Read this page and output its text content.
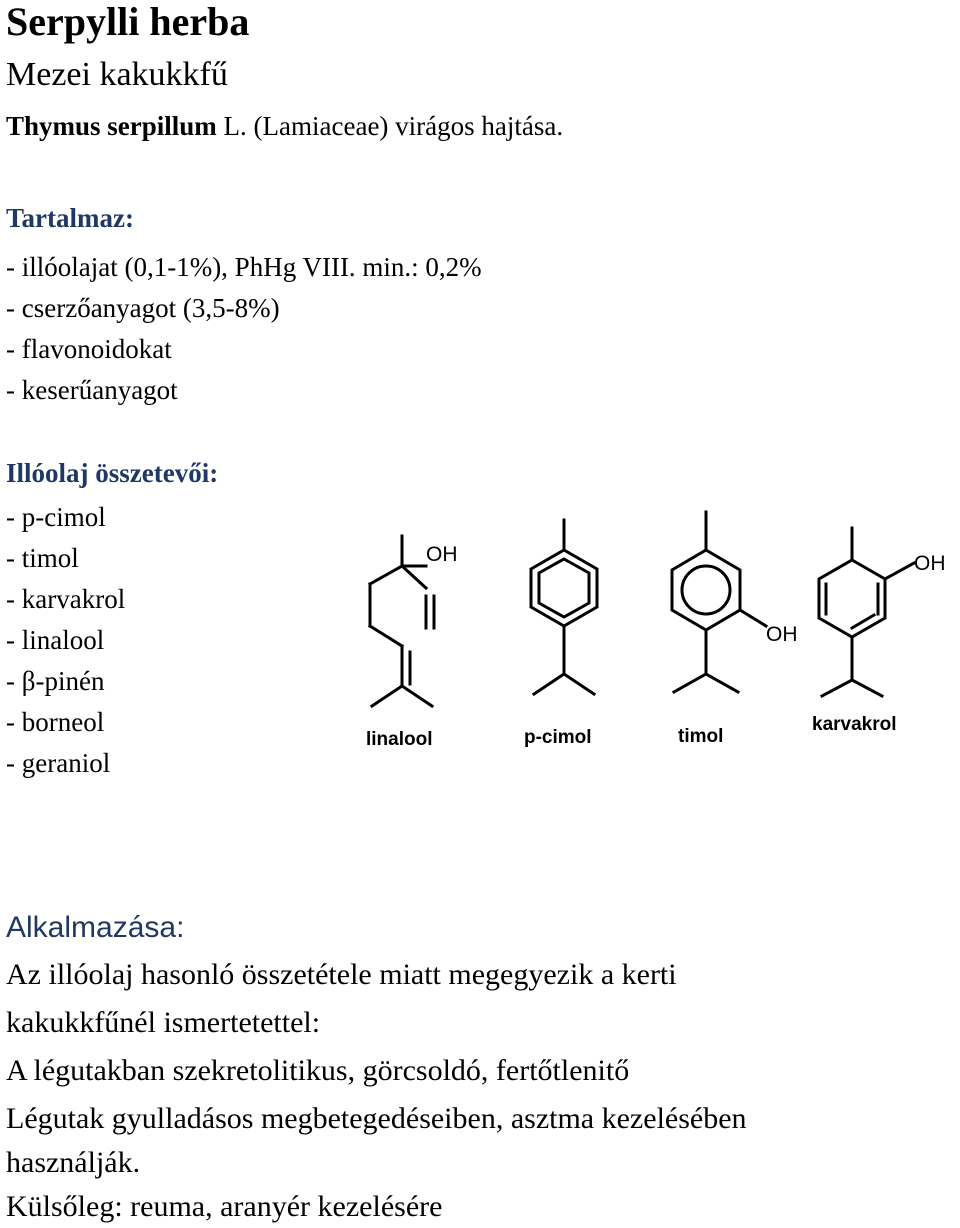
Serpylli herba
Mezei kakukkfű
Thymus serpillum L. (Lamiaceae) virágos hajtása.
Tartalmaz:
- illóolajat (0,1-1%), PhHg VIII. min.: 0,2%
- cserzőanyagot (3,5-8%)
- flavonoidokat
- keserűanyagot
Illóolaj összetevői:
- p-cimol
- timol
- karvakrol
- linalool
- β-pinén
- borneol
- geraniol
OH
OH
OH
linalool	p-cimol	timol
karvakrol
Alkalmazása:
Az illóolaj hasonló összetétele miatt megegyezik a kerti
kakukkfűnél ismertetettel:
A légutakban szekretolitikus, görcsoldó, fertőtlenitő
Légutak gyulladásos megbetegedéseiben, asztma kezelésében
használják.
Külsőleg: reuma, aranyér kezelésére
